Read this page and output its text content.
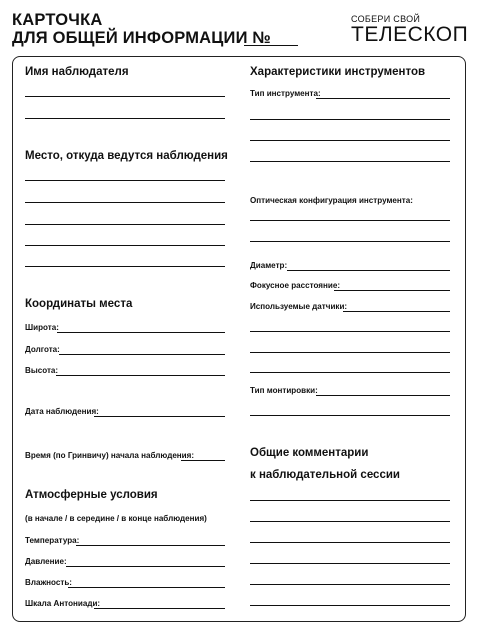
КАРТОЧКА
ДЛЯ ОБЩЕЙ ИНФОРМАЦИИ №
СОБЕРИ СВОЙ
ТЕЛЕСКОП
Имя наблюдателя
Место, откуда ведутся наблюдения
Координаты места
Широта:
Долгота:
Высота:
Дата наблюдения:
Время (по Гринвичу) начала наблюдения:
Атмосферные условия
(в начале / в середине / в конце наблюдения)
Температура:
Давление:
Влажность:
Шкала Антониади:
Характеристики инструментов
Тип инструмента:
Оптическая конфигурация инструмента:
Диаметр:
Фокусное расстояние:
Используемые датчики:
Тип монтировки:
Общие комментарии
к наблюдательной сессии
